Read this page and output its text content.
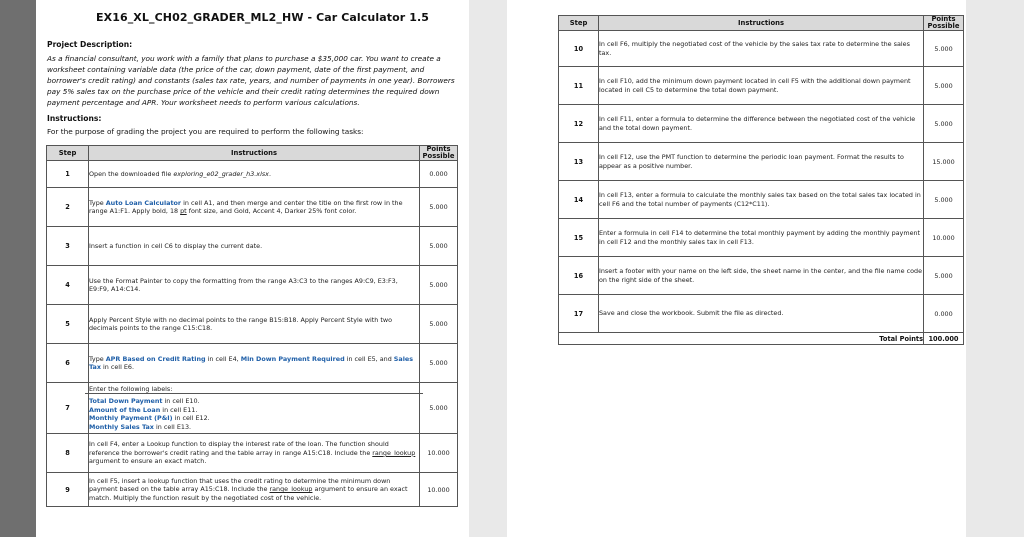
EX16_XL_CH02_GRADER_ML2_HW - Car Calculator 1.5
Project Description:
As a financial consultant, you work with a family that plans to purchase a $35,000 car. You want to create a worksheet containing variable data (the price of the car, down payment, date of the first payment, and borrower's credit rating) and constants (sales tax rate, years, and number of payments in one year). Borrowers pay 5% sales tax on the purchase price of the vehicle and their credit rating determines the required down payment percentage and APR. Your worksheet needs to perform various calculations.
Instructions:
For the purpose of grading the project you are required to perform the following tasks:
Step	Instructions	Points
Possible
1	Open the downloaded file exploring_e02_grader_h3.xlsx.	0.000
2	Type Auto Loan Calculator in cell A1, and then merge and center the title on the first row in the range A1:F1. Apply bold, 18 pt font size, and Gold, Accent 4, Darker 25% font color.	5.000
3	Insert a function in cell C6 to display the current date.	5.000
4	Use the Format Painter to copy the formatting from the range A3:C3 to the ranges A9:C9, E3:F3, E9:F9, A14:C14.	5.000
5	Apply Percent Style with no decimal points to the range B15:B18. Apply Percent Style with two decimals points to the range C15:C18.	5.000
6	Type APR Based on Credit Rating in cell E4, Min Down Payment Required in cell E5, and Sales Tax in cell E6.	5.000
7	Enter the following labels:
Total Down Payment in cell E10.
Amount of the Loan in cell E11.
Monthly Payment (P&I) in cell E12.
Monthly Sales Tax in cell E13.	5.000
8	In cell F4, enter a Lookup function to display the interest rate of the loan. The function should reference the borrower's credit rating and the table array in range A15:C18. Include the range_lookup argument to ensure an exact match.	10.000
9	In cell F5, insert a lookup function that uses the credit rating to determine the minimum down payment based on the table array A15:C18. Include the range_lookup argument to ensure an exact match. Multiply the function result by the negotiated cost of the vehicle.	10.000
Step	Instructions	Points
Possible
10	In cell F6, multiply the negotiated cost of the vehicle by the sales tax rate to determine the sales tax.	5.000
11	In cell F10, add the minimum down payment located in cell F5 with the additional down payment located in cell C5 to determine the total down payment.	5.000
12	In cell F11, enter a formula to determine the difference between the negotiated cost of the vehicle and the total down payment.	5.000
13	In cell F12, use the PMT function to determine the periodic loan payment. Format the results to appear as a positive number.	15.000
14	In cell F13, enter a formula to calculate the monthly sales tax based on the total sales tax located in cell F6 and the total number of payments (C12*C11).	5.000
15	Enter a formula in cell F14 to determine the total monthly payment by adding the monthly payment in cell F12 and the monthly sales tax in cell F13.	10.000
16	Insert a footer with your name on the left side, the sheet name in the center, and the file name code on the right side of the sheet.	5.000
17	Save and close the workbook. Submit the file as directed.	0.000
Total Points		100.000
